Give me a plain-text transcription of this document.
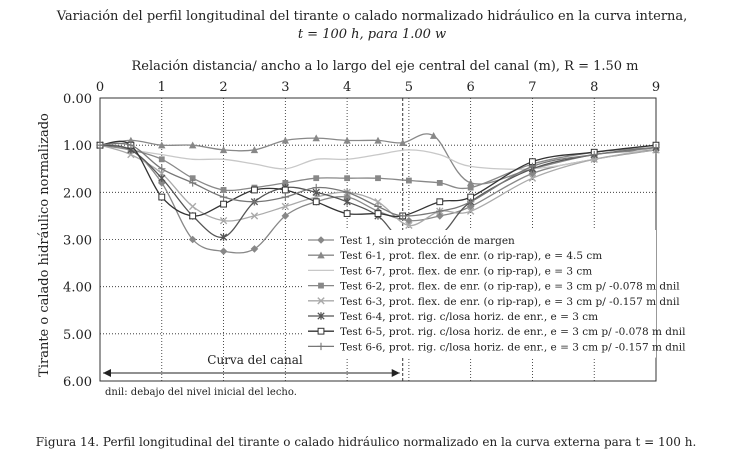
Variación del perfil longitudinal del tirante o calado normalizado hidráulico en la curva interna,
t = 100 h, para 1.00 w
Relación distancia/ ancho a lo largo del eje central del canal (m), R = 1.50 m
0	1	2	3	4	5	6	7	8	9
0.00
1.00
2.00
3.00
4.00
5.00
6.00
Tirante o calado hidráulico normalizado	Curva del canal
Test 1, sin protección de margen
Test 6-1, prot. flex. de enr. (o rip-rap), e = 4.5 cm
Test 6-7, prot. flex. de enr. (o rip-rap), e = 3 cm
Test 6-2, prot. flex. de enr. (o rip-rap), e = 3 cm p/ -0.078 m dnil
Test 6-3, prot. flex. de enr. (o rip-rap), e = 3 cm p/ -0.157 m dnil
Test 6-4, prot. rig. c/losa horiz. de enr., e = 3 cm
Test 6-5, prot. rig. c/losa horiz. de enr., e = 3 cm p/ -0.078 m dnil
Test 6-6, prot. rig. c/losa horiz. de enr., e = 3 cm p/ -0.157 m dnil
dnil: debajo del nivel inicial del lecho.
Figura 14. Perfil longitudinal del tirante o calado hidráulico normalizado en la curva externa para t = 100 h.
